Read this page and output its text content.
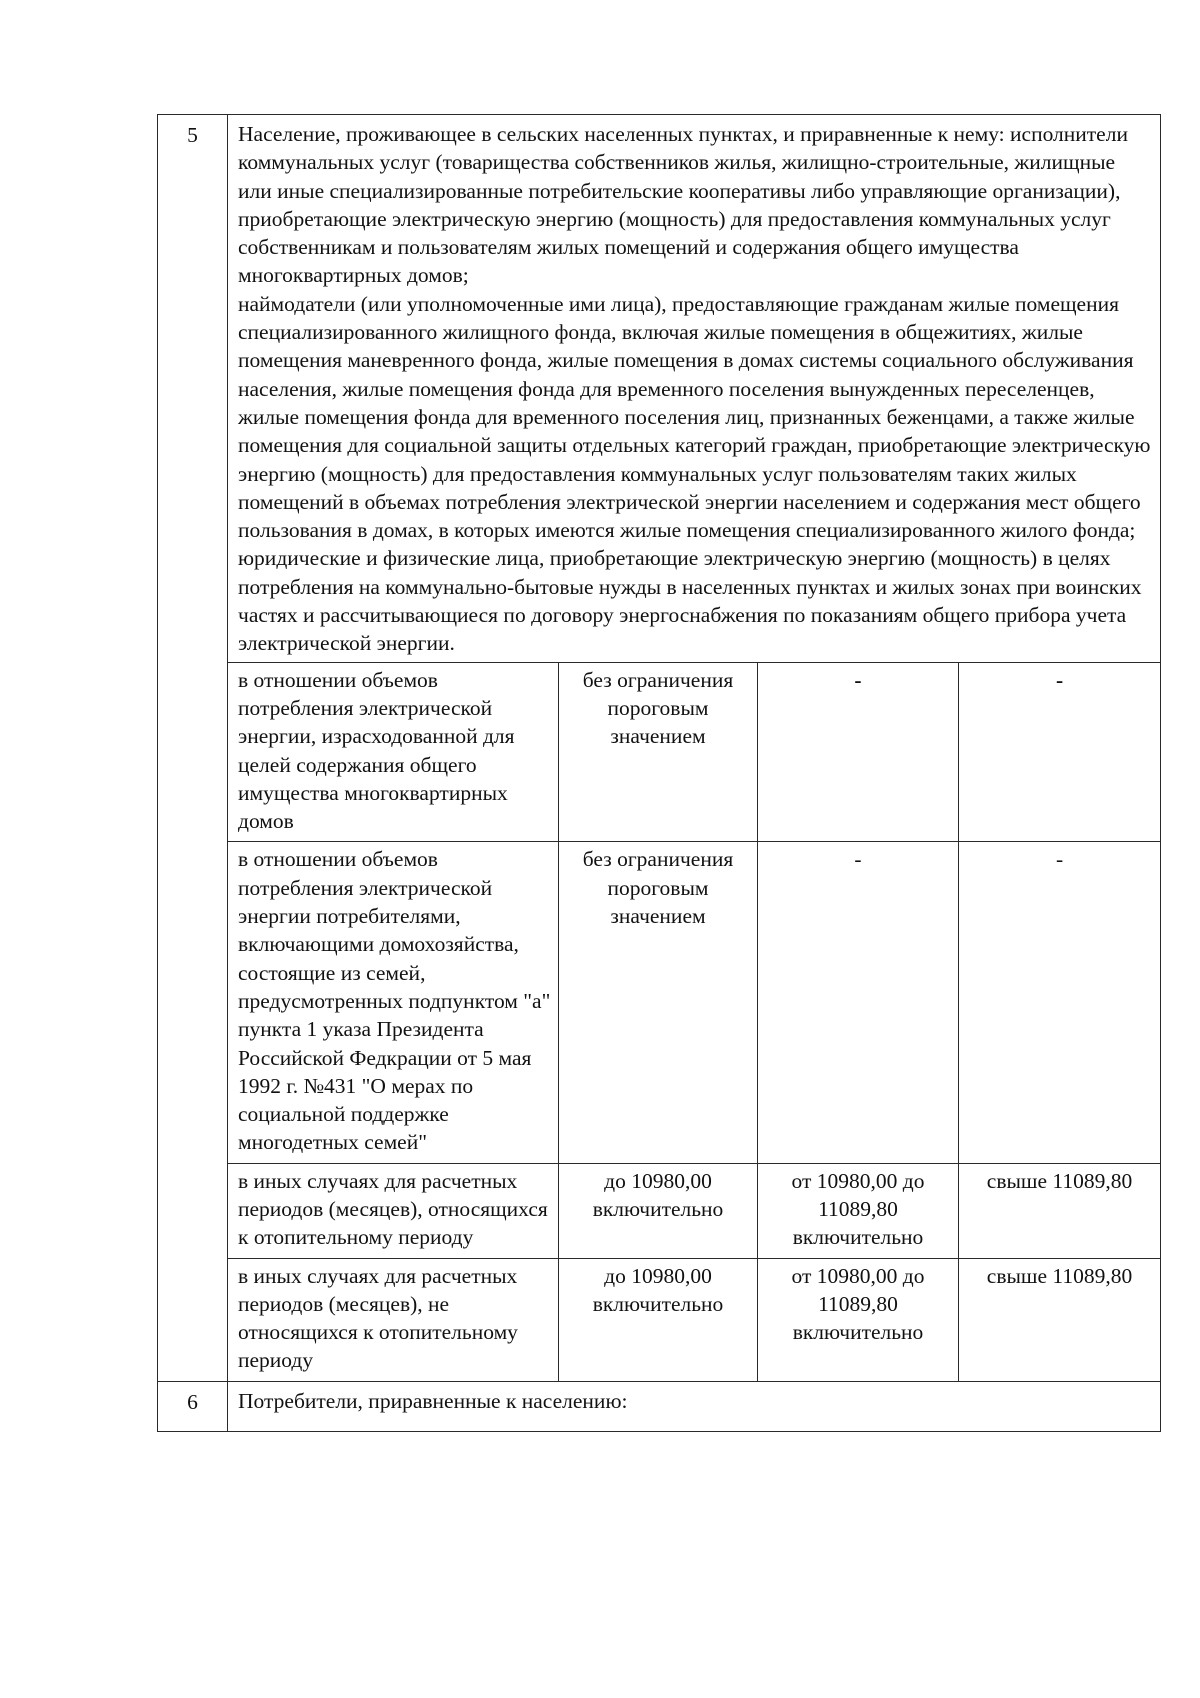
5	Население, проживающее в сельских населенных пунктах, и приравненные к нему: исполнители коммунальных услуг (товарищества собственников жилья, жилищно-строительные, жилищные или иные специализированные потребительские кооперативы либо управляющие организации), приобретающие электрическую энергию (мощность) для предоставления коммунальных услуг собственникам и пользователям жилых помещений и содержания общего имущества многоквартирных домов;
наймодатели (или уполномоченные ими лица), предоставляющие гражданам жилые помещения специализированного жилищного фонда, включая жилые помещения в общежитиях, жилые помещения маневренного фонда, жилые помещения в домах системы социального обслуживания населения, жилые помещения фонда для временного поселения вынужденных переселенцев, жилые помещения фонда для временного поселения лиц, признанных беженцами, а также жилые помещения для социальной защиты отдельных категорий граждан, приобретающие электрическую энергию (мощность) для предоставления коммунальных услуг пользователям таких жилых помещений в объемах потребления электрической энергии населением и содержания мест общего пользования в домах, в которых имеются жилые помещения специализированного жилого фонда;
юридические и физические лица, приобретающие электрическую энергию (мощность) в целях потребления на коммунально-бытовые нужды в населенных пунктах и жилых зонах при воинских частях и рассчитывающиеся по договору энергоснабжения по показаниям общего прибора учета электрической энергии.			

	в отношении объемов потребления электрической энергии, израсходованной для целей содержания общего имущества многоквартирных домов	без ограничения пороговым значением	-	-
	в отношении объемов потребления электрической энергии потребителями, включающими домохозяйства, состоящие из семей, предусмотренных подпунктом "а" пункта 1 указа Президента Российской Федкрации от 5 мая 1992 г. №431 "О мерах по социальной поддержке многодетных семей"	без ограничения пороговым значением	-	-
	в иных случаях для расчетных периодов (месяцев), относящихся к отопительному периоду	до 10980,00 включительно	от 10980,00 до 11089,80 включительно	свыше 11089,80
	в иных случаях для расчетных периодов (месяцев), не относящихся к отопительному периоду	до 10980,00 включительно	от 10980,00 до 11089,80 включительно	свыше 11089,80
6	Потребители, приравненные к населению:			
